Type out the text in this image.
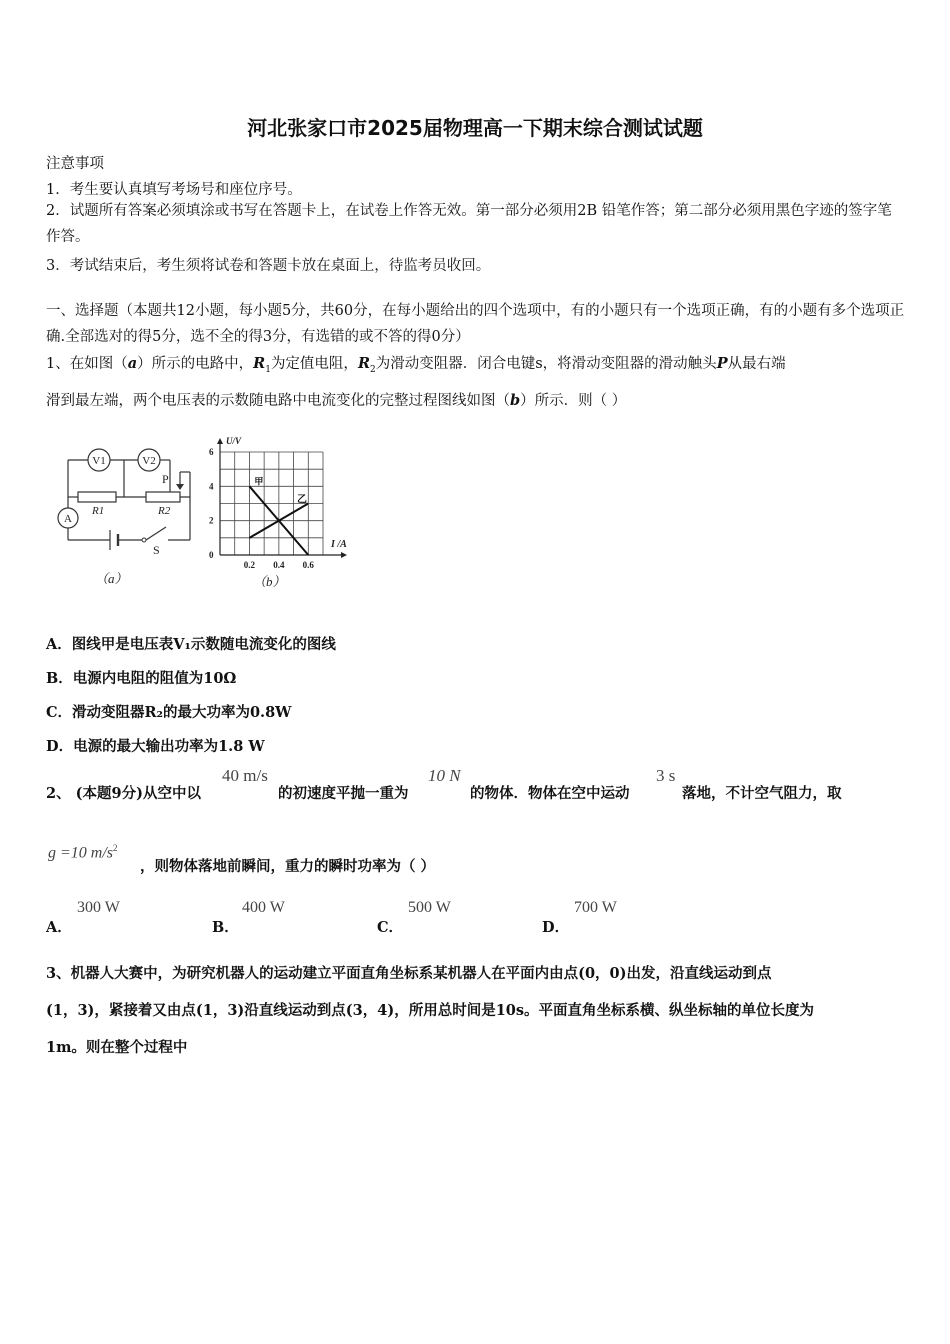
河北张家口市2025届物理高一下期末综合测试试题
注意事项
1．考生要认真填写考场号和座位序号。
2．试题所有答案必须填涂或书写在答题卡上，在试卷上作答无效。第一部分必须用2B 铅笔作答；第二部分必须用黑色字迹的签字笔作答。
3．考试结束后，考生须将试卷和答题卡放在桌面上，待监考员收回。
一、选择题（本题共12小题，每小题5分，共60分，在每小题给出的四个选项中，有的小题只有一个选项正确，有的小题有多个选项正确.全部选对的得5分，选不全的得3分，有选错的或不答的得0分）
1、在如图（a）所示的电路中，$R_1$为定值电阻，$R_2$为滑动变阻器．闭合电键s，将滑动变阻器的滑动触头P从最右端
滑到最左端，两个电压表的示数随电路中电流变化的完整过程图线如图（b）所示．则（ ）
V1	V2
A
P
R1	R2
S
（a）
6
4
2
0
0.2 0.4 0.6
甲
乙
U/V
I /A
（b）
A．图线甲是电压表V₁示数随电流变化的图线
B．电源内电阻的阻值为10Ω
C．滑动变阻器R₂的最大功率为0.8W
D．电源的最大输出功率为1.8 W
2、 (本题9分)从空中以
40 m/s
的初速度平抛一重为
10 N
的物体．物体在空中运动
3 s
落地，不计空气阻力，取
g =10 $m/s^2$
，则物体落地前瞬间，重力的瞬时功率为（ ）
A．
300 W
B．
400 W
C．
500 W
D．
700 W
3、机器人大赛中，为研究机器人的运动建立平面直角坐标系某机器人在平面内由点(0，0)出发，沿直线运动到点
(1，3)，紧接着又由点(1，3)沿直线运动到点(3，4)，所用总时间是10s。平面直角坐标系横、纵坐标轴的单位长度为
1m。则在整个过程中
